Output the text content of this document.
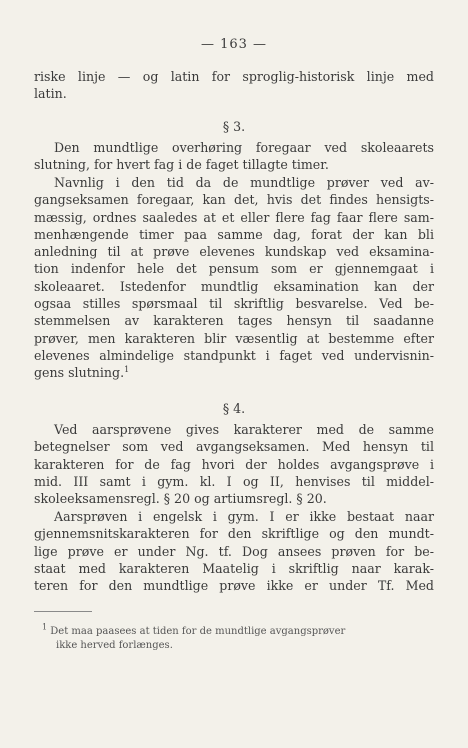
— 163 —
riske linje — og latin for sproglig-historisk linje med
latin.
§ 3.
Den mundtlige overhøring foregaar ved skoleaarets
slutning, for hvert fag i de faget tillagte timer.
Navnlig i den tid da de mundtlige prøver ved av-
gangseksamen foregaar, kan det, hvis det findes hensigts-
mæssig, ordnes saaledes at et eller flere fag faar flere sam-
menhængende timer paa samme dag, forat der kan bli
anledning til at prøve elevenes kundskap ved eksamina-
tion indenfor hele det pensum som er gjennemgaat i
skoleaaret. Istedenfor mundtlig eksamination kan der
ogsaa stilles spørsmaal til skriftlig besvarelse. Ved be-
stemmelsen av karakteren tages hensyn til saadanne
prøver, men karakteren blir væsentlig at bestemme efter
elevenes almindelige standpunkt i faget ved undervisnin-
gens slutning.$^1$
§ 4.
Ved aarsprøvene gives karakterer med de samme
betegnelser som ved avgangseksamen. Med hensyn til
karakteren for de fag hvori der holdes avgangsprøve i
mid. III samt i gym. kl. I og II, henvises til middel-
skoleeksamensregl. § 20 og artiumsregl. § 20.
Aarsprøven i engelsk i gym. I er ikke bestaat naar
gjennemsnitskarakteren for den skriftlige og den mundt-
lige prøve er under Ng. tf. Dog ansees prøven for be-
staat med karakteren Maatelig i skriftlig naar karak-
teren for den mundtlige prøve ikke er under Tf. Med
$^1$ Det maa paasees at tiden for de mundtlige avgangsprøver
ikke herved forlænges.
